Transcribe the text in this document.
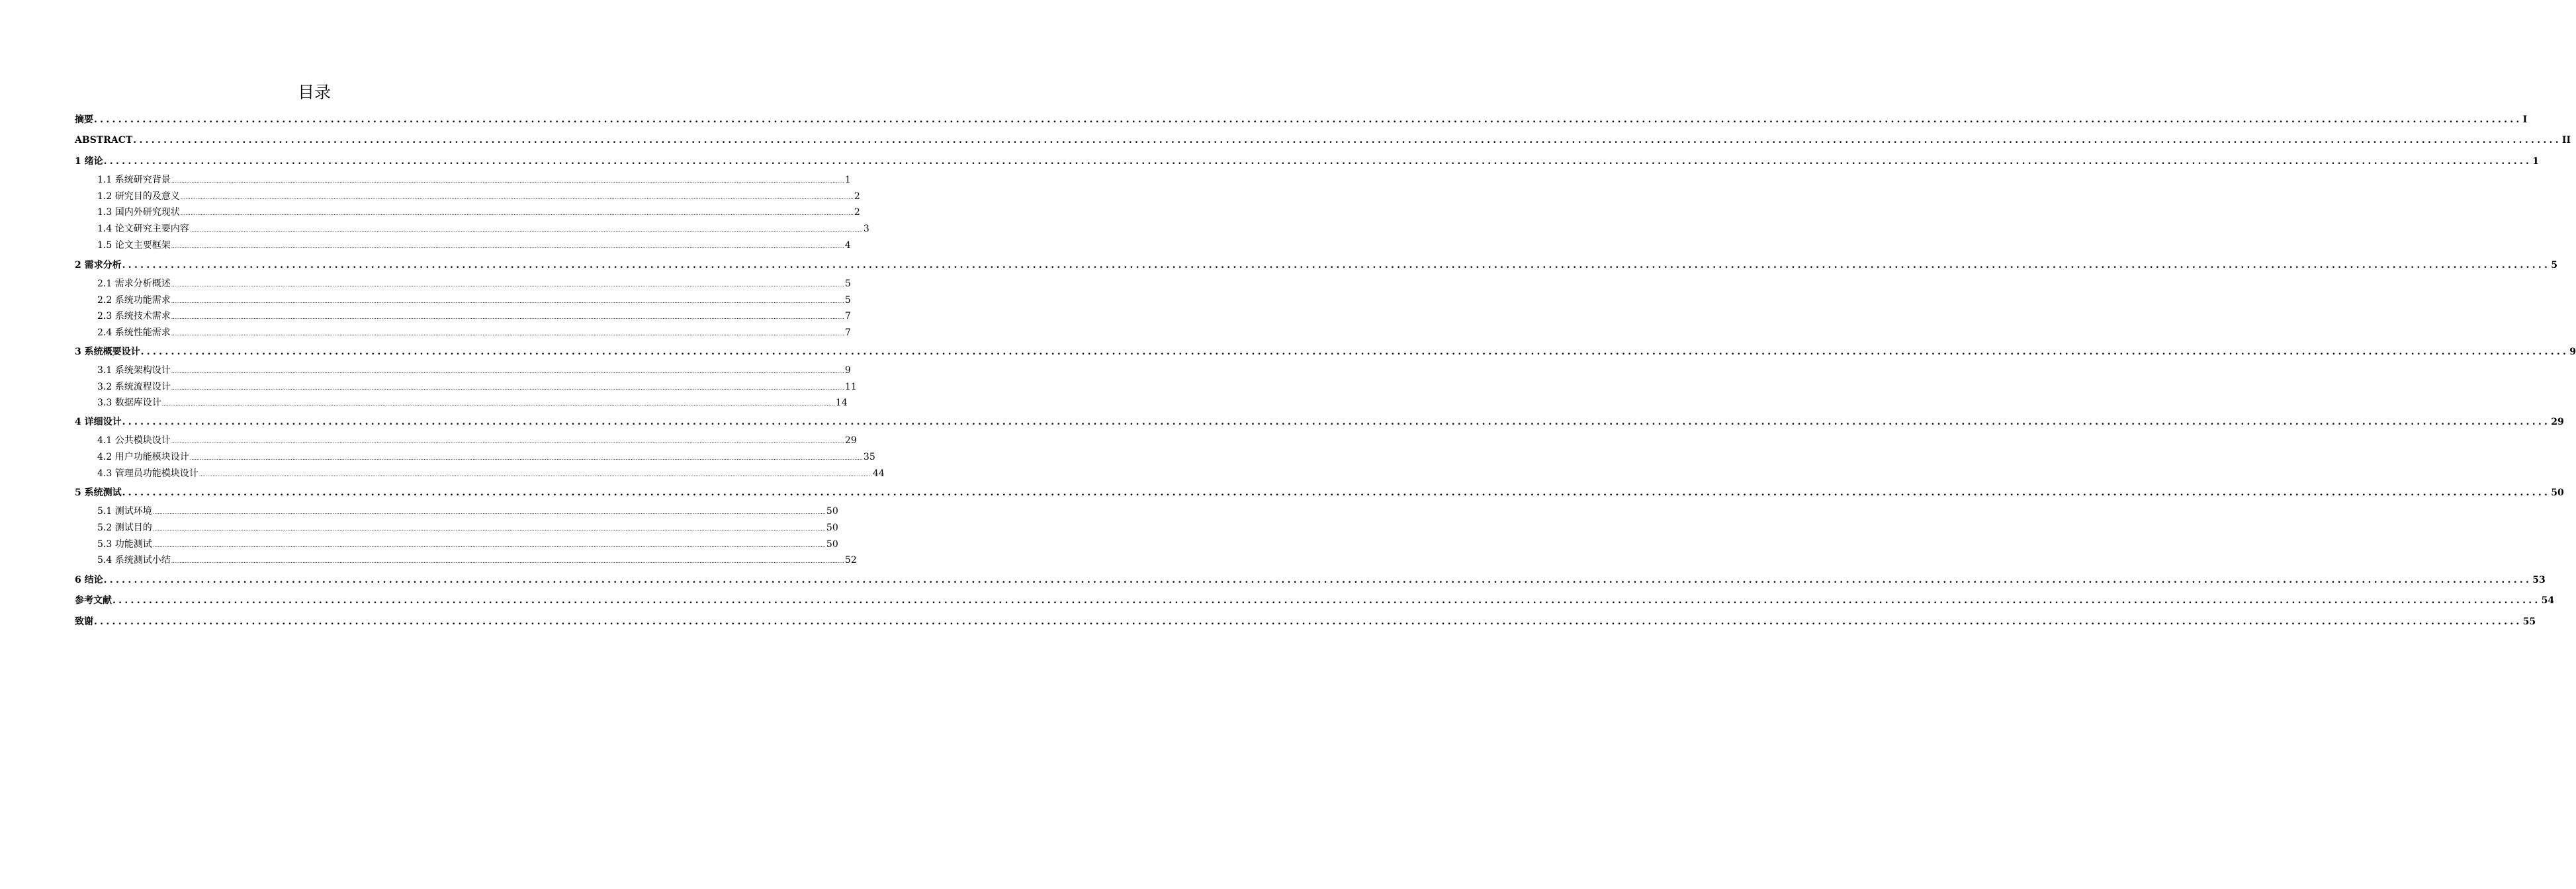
目录
摘要 ................................................................................................................................................................................................................................................................................................................................................................................................................ I
ABSTRACT ................................................................................................................................................................................................................................................................................................................................................................................................................ II
1 绪论 ................................................................................................................................................................................................................................................................................................................................................................................................................ 1
1.1 系统研究背景 ................................................................................................................................................................................................................................................................................................................................................................................................................ 1
1.2 研究目的及意义 ................................................................................................................................................................................................................................................................................................................................................................................................................ 2
1.3 国内外研究现状 ................................................................................................................................................................................................................................................................................................................................................................................................................ 2
1.4 论文研究主要内容 ................................................................................................................................................................................................................................................................................................................................................................................................................ 3
1.5 论文主要框架 ................................................................................................................................................................................................................................................................................................................................................................................................................ 4
2 需求分析 ................................................................................................................................................................................................................................................................................................................................................................................................................ 5
2.1 需求分析概述 ................................................................................................................................................................................................................................................................................................................................................................................................................ 5
2.2 系统功能需求 ................................................................................................................................................................................................................................................................................................................................................................................................................ 5
2.3 系统技术需求 ................................................................................................................................................................................................................................................................................................................................................................................................................ 7
2.4 系统性能需求 ................................................................................................................................................................................................................................................................................................................................................................................................................ 7
3 系统概要设计 ................................................................................................................................................................................................................................................................................................................................................................................................................ 9
3.1 系统架构设计 ................................................................................................................................................................................................................................................................................................................................................................................................................ 9
3.2 系统流程设计 ................................................................................................................................................................................................................................................................................................................................................................................................................ 11
3.3 数据库设计 ................................................................................................................................................................................................................................................................................................................................................................................................................ 14
4 详细设计 ................................................................................................................................................................................................................................................................................................................................................................................................................ 29
4.1 公共模块设计 ................................................................................................................................................................................................................................................................................................................................................................................................................ 29
4.2 用户功能模块设计 ................................................................................................................................................................................................................................................................................................................................................................................................................ 35
4.3 管理员功能模块设计 ................................................................................................................................................................................................................................................................................................................................................................................................................ 44
5 系统测试 ................................................................................................................................................................................................................................................................................................................................................................................................................ 50
5.1 测试环境 ................................................................................................................................................................................................................................................................................................................................................................................................................ 50
5.2 测试目的 ................................................................................................................................................................................................................................................................................................................................................................................................................ 50
5.3 功能测试 ................................................................................................................................................................................................................................................................................................................................................................................................................ 50
5.4 系统测试小结 ................................................................................................................................................................................................................................................................................................................................................................................................................ 52
6 结论 ................................................................................................................................................................................................................................................................................................................................................................................................................ 53
参考文献 ................................................................................................................................................................................................................................................................................................................................................................................................................ 54
致谢 ................................................................................................................................................................................................................................................................................................................................................................................................................ 55
